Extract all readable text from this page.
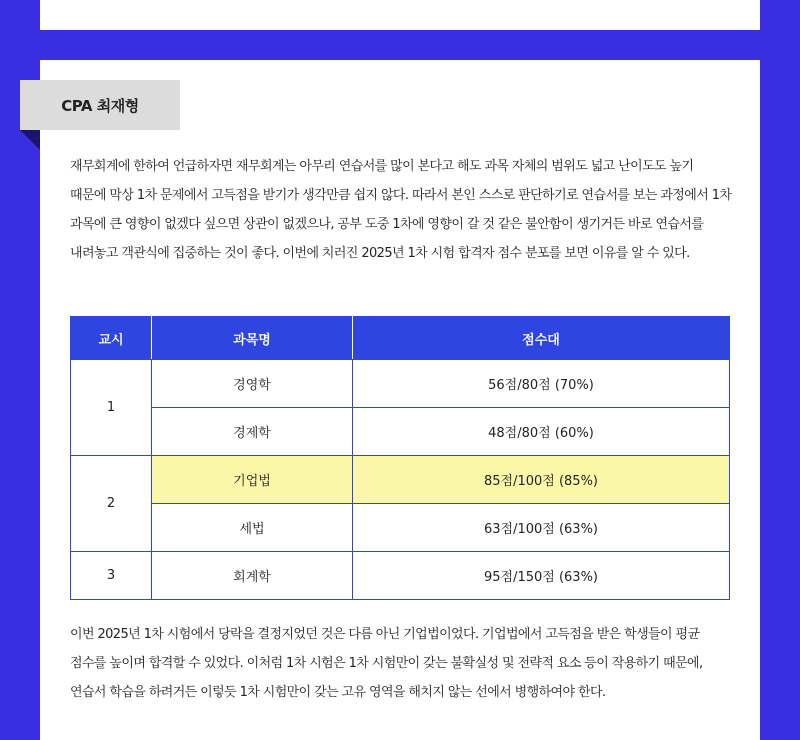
CPA 최재형

재무회계에 한하여 언급하자면 재무회계는 아무리 연습서를 많이 본다고 해도 과목 자체의 범위도 넓고 난이도도 높기 때문에 막상 1차 문제에서 고득점을 받기가 생각만큼 쉽지 않다. 따라서 본인 스스로 판단하기로 연습서를 보는 과정에서 1차 과목에 큰 영향이 없겠다 싶으면 상관이 없겠으나, 공부 도중 1차에 영향이 갈 것 같은 불안함이 생기거든 바로 연습서를 내려놓고 객관식에 집중하는 것이 좋다. 이번에 치러진 2025년 1차 시험 합격자 점수 분포를 보면 이유를 알 수 있다.

교시	과목명	점수대
1	경영학	56점/80점 (70%)
	경제학	48점/80점 (60%)
2	기업법	85점/100점 (85%)
	세법	63점/100점 (63%)
3	회계학	95점/150점 (63%)

이번 2025년 1차 시험에서 당락을 결정지었던 것은 다름 아닌 기업법이었다. 기업법에서 고득점을 받은 학생들이 평균 점수를 높이며 합격할 수 있었다. 이처럼 1차 시험은 1차 시험만이 갖는 불확실성 및 전략적 요소 등이 작용하기 때문에, 연습서 학습을 하려거든 이렇듯 1차 시험만이 갖는 고유 영역을 해치지 않는 선에서 병행하여야 한다.
